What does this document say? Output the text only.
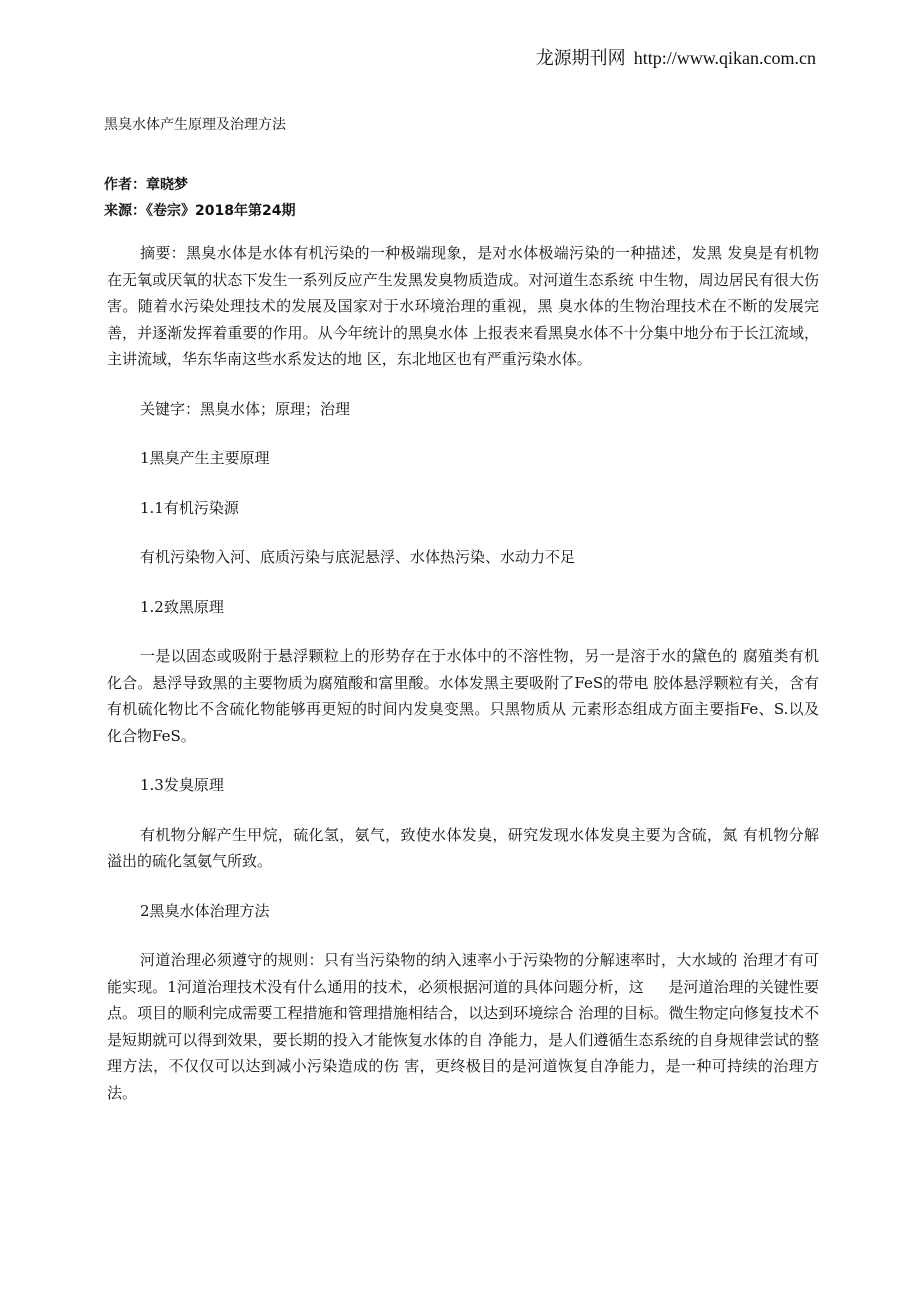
龙源期刊网 http://www.qikan.com.cn
黑臭水体产生原理及治理方法
作者：章晓梦
来源：《卷宗》2018年第24期

摘要：黑臭水体是水体有机污染的一种极端现象，是对水体极端污染的一种描述，发黑 发臭是有机物在无氧或厌氧的状态下发生一系列反应产生发黑发臭物质造成。对河道生态系统 中生物，周边居民有很大伤害。随着水污染处理技术的发展及国家对于水环境治理的重视，黑 臭水体的生物治理技术在不断的发展完善，并逐渐发挥着重要的作用。从今年统计的黑臭水体 上报表来看黑臭水体不十分集中地分布于长江流域，主讲流域，华东华南这些水系发达的地 区，东北地区也有严重污染水体。

关键字：黑臭水体；原理；治理

1黑臭产生主要原理

1.1有机污染源

有机污染物入河、底质污染与底泥悬浮、水体热污染、水动力不足

1.2致黑原理

一是以固态或吸附于悬浮颗粒上的形势存在于水体中的不溶性物，另一是溶于水的黛色的 腐殖类有机化合。悬浮导致黑的主要物质为腐殖酸和富里酸。水体发黑主要吸附了FeS的带电 胶体悬浮颗粒有关，含有有机硫化物比不含硫化物能够再更短的时间内发臭变黑。只黑物质从 元素形态组成方面主要指Fe、S.以及化合物FeS。

1.3发臭原理

有机物分解产生甲烷，硫化氢，氨气，致使水体发臭，研究发现水体发臭主要为含硫，氮 有机物分解溢出的硫化氢氨气所致。

2黑臭水体治理方法

河道治理必须遵守的规则：只有当污染物的纳入速率小于污染物的分解速率时，大水域的 治理才有可能实现。1河道治理技术没有什么通用的技术，必须根据河道的具体问题分析，这 　 是河道治理的关键性要点。项目的顺利完成需要工程措施和管理措施相结合，以达到环境综合 治理的目标。微生物定向修复技术不是短期就可以得到效果，要长期的投入才能恢复水体的自 净能力，是人们遵循生态系统的自身规律尝试的整理方法，不仅仅可以达到减小污染造成的伤 害，更终极目的是河道恢复自净能力，是一种可持续的治理方法。
